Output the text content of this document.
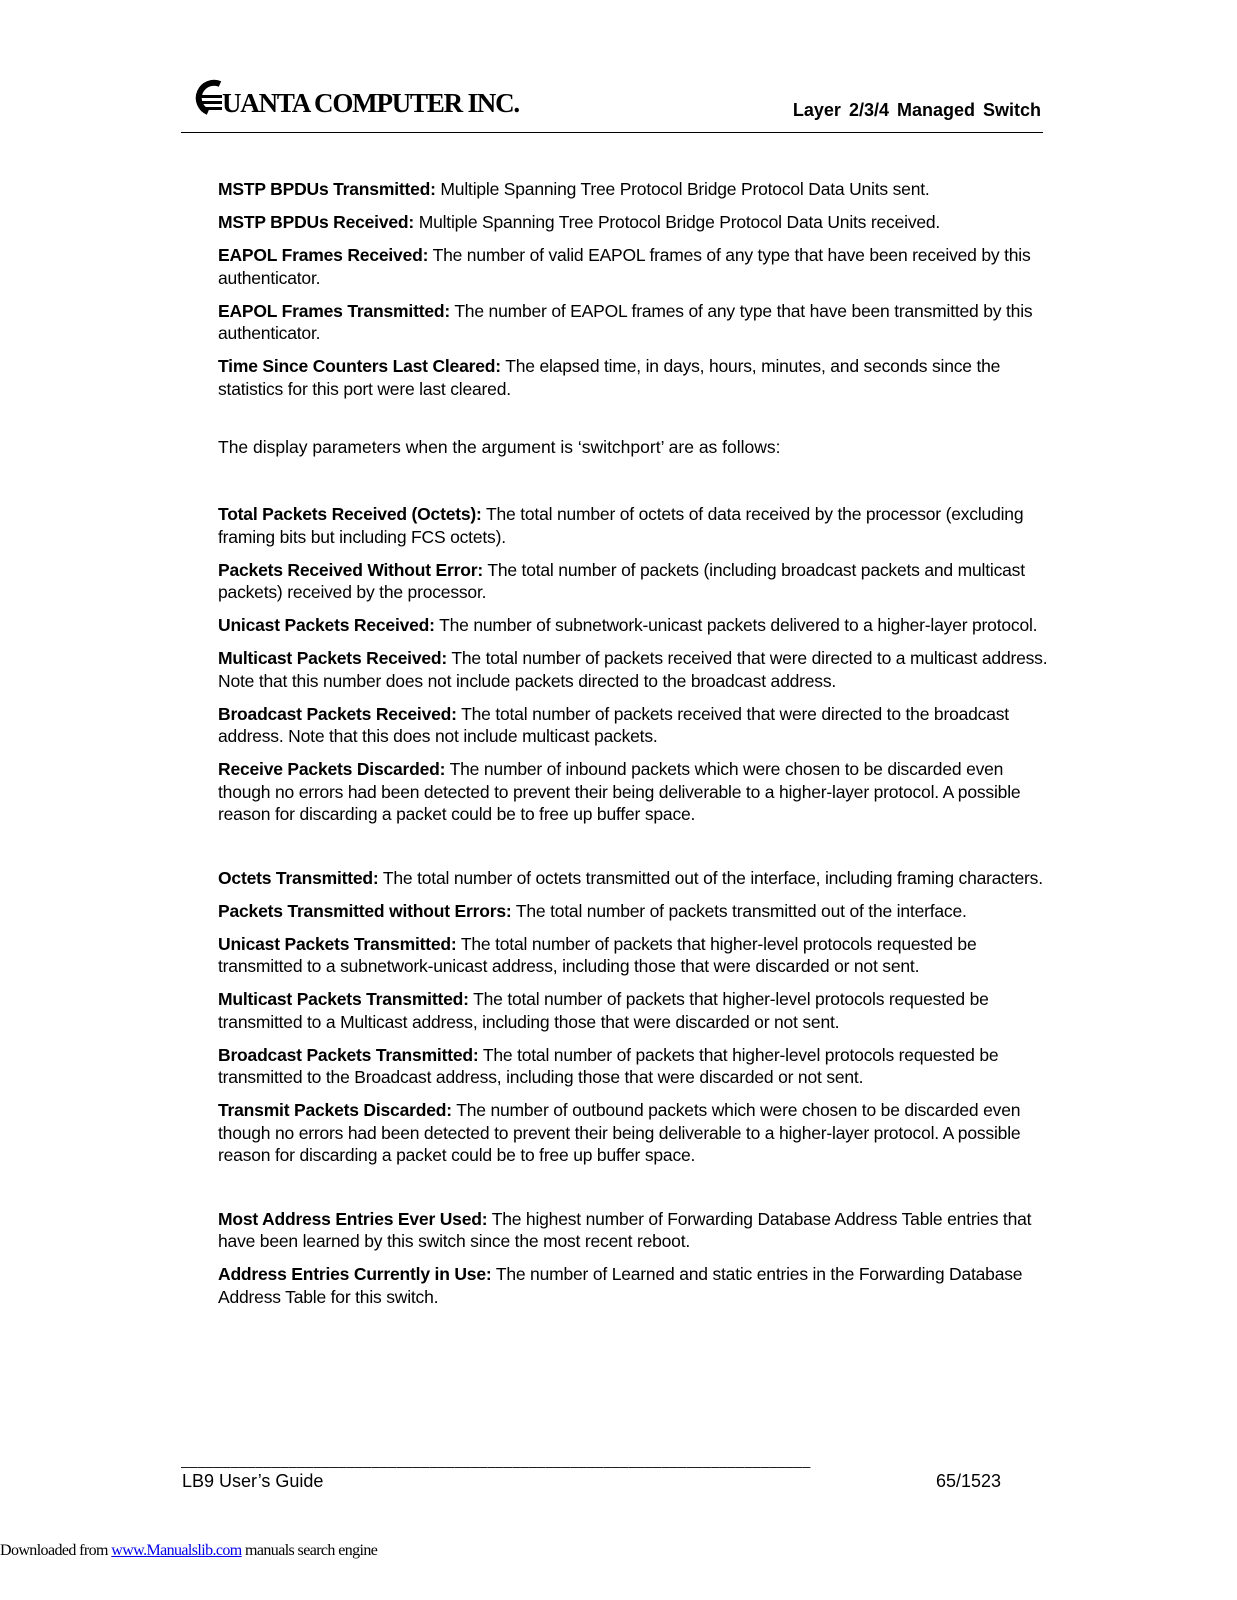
UANTA COMPUTER INC.	Layer 2/3/4 Managed Switch

MSTP BPDUs Transmitted: Multiple Spanning Tree Protocol Bridge Protocol Data Units sent.

MSTP BPDUs Received: Multiple Spanning Tree Protocol Bridge Protocol Data Units received.

EAPOL Frames Received: The number of valid EAPOL frames of any type that have been received by this authenticator.

EAPOL Frames Transmitted: The number of EAPOL frames of any type that have been transmitted by this authenticator.

Time Since Counters Last Cleared: The elapsed time, in days, hours, minutes, and seconds since the statistics for this port were last cleared.

The display parameters when the argument is ‘switchport’ are as follows:

Total Packets Received (Octets): The total number of octets of data received by the processor (excluding framing bits but including FCS octets).

Packets Received Without Error: The total number of packets (including broadcast packets and multicast packets) received by the processor.

Unicast Packets Received: The number of subnetwork-unicast packets delivered to a higher-layer protocol.

Multicast Packets Received: The total number of packets received that were directed to a multicast address. Note that this number does not include packets directed to the broadcast address.

Broadcast Packets Received: The total number of packets received that were directed to the broadcast address. Note that this does not include multicast packets.

Receive Packets Discarded: The number of inbound packets which were chosen to be discarded even though no errors had been detected to prevent their being deliverable to a higher-layer protocol. A possible reason for discarding a packet could be to free up buffer space.

Octets Transmitted: The total number of octets transmitted out of the interface, including framing characters.

Packets Transmitted without Errors: The total number of packets transmitted out of the interface.

Unicast Packets Transmitted: The total number of packets that higher-level protocols requested be transmitted to a subnetwork-unicast address, including those that were discarded or not sent.

Multicast Packets Transmitted: The total number of packets that higher-level protocols requested be transmitted to a Multicast address, including those that were discarded or not sent.

Broadcast Packets Transmitted: The total number of packets that higher-level protocols requested be transmitted to the Broadcast address, including those that were discarded or not sent.

Transmit Packets Discarded: The number of outbound packets which were chosen to be discarded even though no errors had been detected to prevent their being deliverable to a higher-layer protocol. A possible reason for discarding a packet could be to free up buffer space.

Most Address Entries Ever Used: The highest number of Forwarding Database Address Table entries that have been learned by this switch since the most recent reboot.

Address Entries Currently in Use: The number of Learned and static entries in the Forwarding Database Address Table for this switch.

____________________________________________________________________________
LB9 User’s Guide	65/1523
Downloaded from www.Manualslib.com manuals search engine
